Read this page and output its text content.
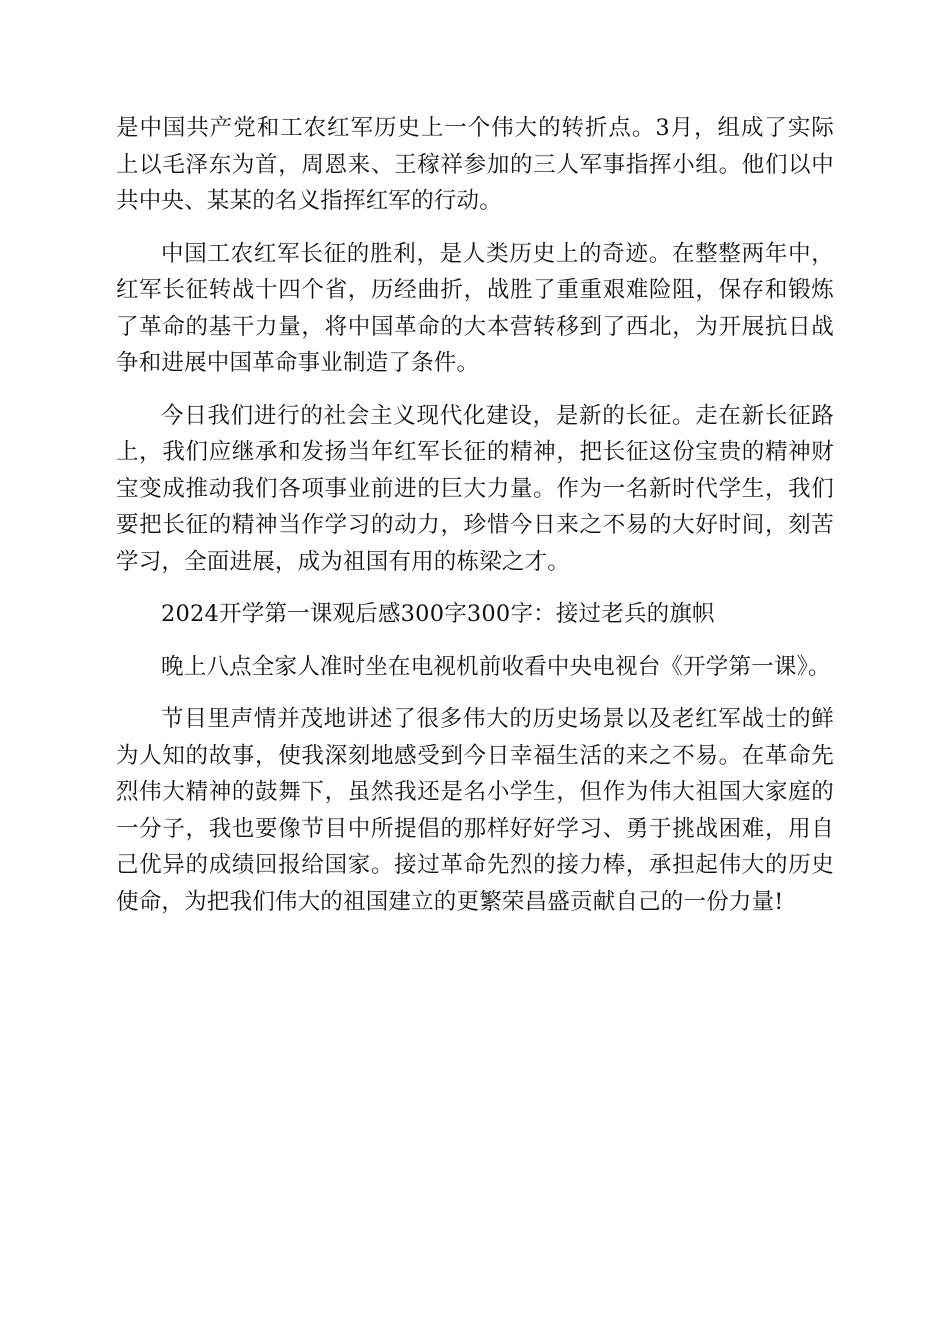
是中国共产党和工农红军历史上一个伟大的转折点。3月，组成了实际上以毛泽东为首，周恩来、王稼祥参加的三人军事指挥小组。他们以中共中央、某某的名义指挥红军的行动。

中国工农红军长征的胜利，是人类历史上的奇迹。在整整两年中，红军长征转战十四个省，历经曲折，战胜了重重艰难险阻，保存和锻炼了革命的基干力量，将中国革命的大本营转移到了西北，为开展抗日战争和进展中国革命事业制造了条件。

今日我们进行的社会主义现代化建设，是新的长征。走在新长征路上，我们应继承和发扬当年红军长征的精神，把长征这份宝贵的精神财宝变成推动我们各项事业前进的巨大力量。作为一名新时代学生，我们要把长征的精神当作学习的动力，珍惜今日来之不易的大好时间，刻苦学习，全面进展，成为祖国有用的栋梁之才。

2024开学第一课观后感300字300字：接过老兵的旗帜

晚上八点全家人准时坐在电视机前收看中央电视台《开学第一课》。

节目里声情并茂地讲述了很多伟大的历史场景以及老红军战士的鲜为人知的故事，使我深刻地感受到今日幸福生活的来之不易。在革命先烈伟大精神的鼓舞下，虽然我还是名小学生，但作为伟大祖国大家庭的一分子，我也要像节目中所提倡的那样好好学习、勇于挑战困难，用自己优异的成绩回报给国家。接过革命先烈的接力棒，承担起伟大的历史使命，为把我们伟大的祖国建立的更繁荣昌盛贡献自己的一份力量!
